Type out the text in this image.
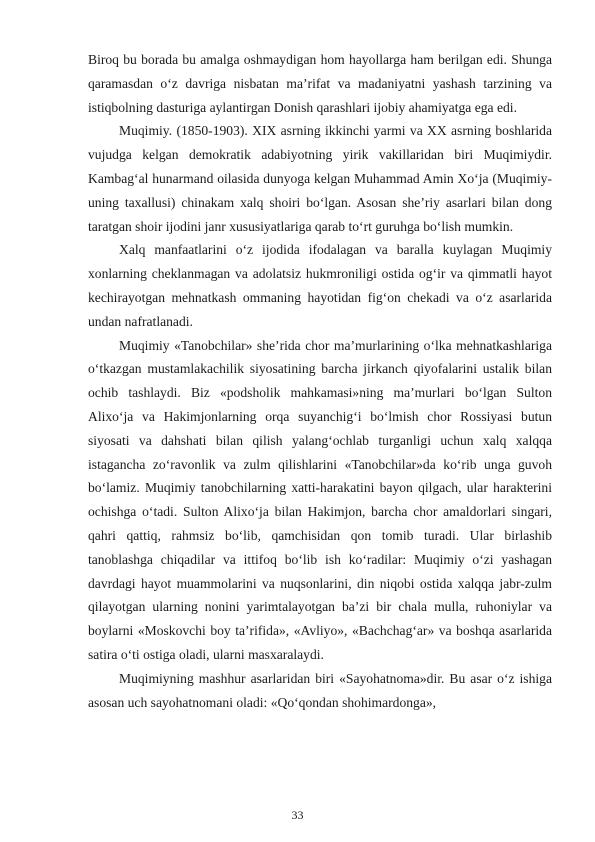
Biroq bu borada bu amalga oshmaydigan hom hayollarga ham berilgan edi. Shunga qaramasdan o‘z davriga nisbatan ma’rifat va madaniyatni yashash tarzining va istiqbolning dasturiga aylantirgan Donish qarashlari ijobiy ahamiyatga ega edi.

Muqimiy. (1850-1903). XIX asrning ikkinchi yarmi va XX asrning boshlarida vujudga kelgan demokratik adabiyotning yirik vakillaridan biri Muqimiydir. Kambag‘al hunarmand oilasida dunyoga kelgan Muhammad Amin Xo‘ja (Muqimiy-uning taxallusi) chinakam xalq shoiri bo‘lgan. Asosan she’riy asarlari bilan dong taratgan shoir ijodini janr xususiyatlariga qarab to‘rt guruhga bo‘lish mumkin.

Xalq manfaatlarini o‘z ijodida ifodalagan va baralla kuylagan Muqimiy xonlarning cheklanmagan va adolatsiz hukmroniligi ostida og‘ir va qimmatli hayot kechirayotgan mehnatkash ommaning hayotidan fig‘on chekadi va o‘z asarlarida undan nafratlanadi.

Muqimiy «Tanobchilar» she’rida chor ma’murlarining o‘lka mehnatkashlariga o‘tkazgan mustamlakachilik siyosatining barcha jirkanch qiyofalarini ustalik bilan ochib tashlaydi. Biz «podsholik mahkamasi»ning ma’murlari bo‘lgan Sulton Alixo‘ja va Hakimjonlarning orqa suyanchig‘i bo‘lmish chor Rossiyasi butun siyosati va dahshati bilan qilish yalang‘ochlab turganligi uchun xalq xalqqa istagancha zo‘ravonlik va zulm qilishlarini «Tanobchilar»da ko‘rib unga guvoh bo‘lamiz. Muqimiy tanobchilarning xatti-harakatini bayon qilgach, ular harakterini ochishga o‘tadi. Sulton Alixo‘ja bilan Hakimjon, barcha chor amaldorlari singari, qahri qattiq, rahmsiz bo‘lib, qamchisidan qon tomib turadi. Ular birlashib tanoblashga chiqadilar va ittifoq bo‘lib ish ko‘radilar: Muqimiy o‘zi yashagan davrdagi hayot muammolarini va nuqsonlarini, din niqobi ostida xalqqa jabr-zulm qilayotgan ularning nonini yarimtalayotgan ba’zi bir chala mulla, ruhoniylar va boylarni «Moskovchi boy ta’rifida», «Avliyo», «Bachchag‘ar» va boshqa asarlarida satira o‘ti ostiga oladi, ularni masxaralaydi.

Muqimiyning mashhur asarlaridan biri «Sayohatnoma»dir. Bu asar o‘z ishiga asosan uch sayohatnomani oladi: «Qo‘qondan shohimardonga»,

33
